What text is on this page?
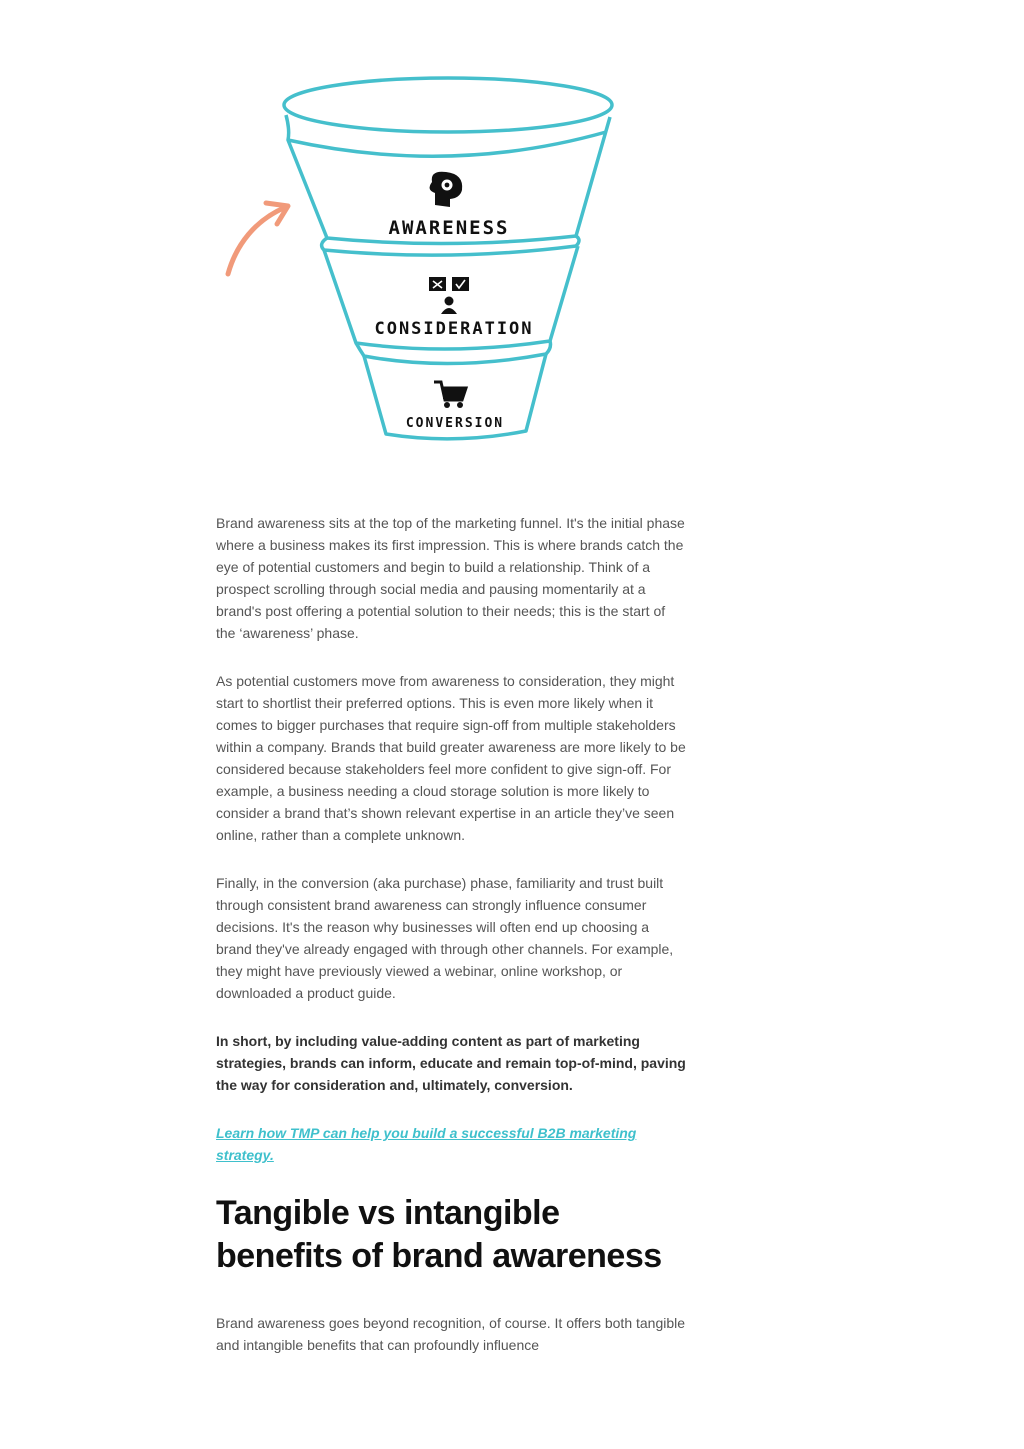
AWARENESS
CONSIDERATION
CONVERSION

Brand awareness sits at the top of the marketing funnel. It's the initial phase where a business makes its first impression. This is where brands catch the eye of potential customers and begin to build a relationship. Think of a prospect scrolling through social media and pausing momentarily at a brand's post offering a potential solution to their needs; this is the start of the ‘awareness’ phase.

As potential customers move from awareness to consideration, they might start to shortlist their preferred options. This is even more likely when it comes to bigger purchases that require sign-off from multiple stakeholders within a company. Brands that build greater awareness are more likely to be considered because stakeholders feel more confident to give sign-off. For example, a business needing a cloud storage solution is more likely to consider a brand that’s shown relevant expertise in an article they’ve seen online, rather than a complete unknown.

Finally, in the conversion (aka purchase) phase, familiarity and trust built through consistent brand awareness can strongly influence consumer decisions. It's the reason why businesses will often end up choosing a brand they've already engaged with through other channels. For example, they might have previously viewed a webinar, online workshop, or downloaded a product guide.

In short, by including value-adding content as part of marketing strategies, brands can inform, educate and remain top-of-mind, paving the way for consideration and, ultimately, conversion.

Learn how TMP can help you build a successful B2B marketing strategy.
Tangible vs intangible benefits of brand awareness

Brand awareness goes beyond recognition, of course. It offers both tangible and intangible benefits that can profoundly influence
